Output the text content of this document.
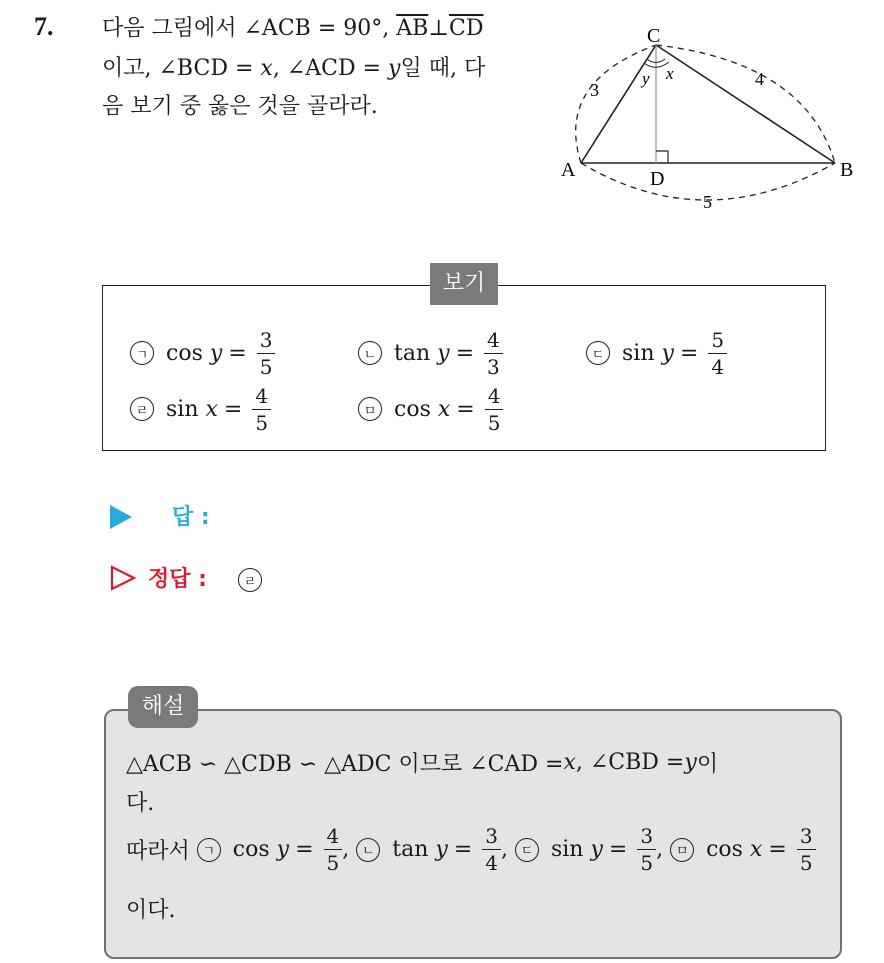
7. 다음 그림에서 ∠ACB = 90°, $\overline{AB}\perp\overline{CD}$
이고, ∠BCD = x, ∠ACD = y일 때, 다
음 보기 중 옳은 것을 골라라.
C
A	B
D
y x
3
4
5
보기
ㄱ cos
$y = \frac{3}{5}$	ㄴ tan
$y = \frac{4}{3}$	ㄷ sin
$y = \frac{5}{4}$
ㄹ sin
$x = \frac{4}{5}$	ㅁ cos
$x = \frac{4}{5}$
답 :
정답 :	ㄹ
해설
△ACB ∽ △CDB ∽ △ADC 이므로 ∠CAD = x , ∠CBD = y 이
다.
따라서
ㄱ cos
$y = \frac{4}{5}$ ,
ㄴ tan
$y = \frac{3}{4}$ ,
ㄷ sin
$y = \frac{3}{5}$ ,
ㅁ cos
$x = \frac{3}{5}$
이다.
